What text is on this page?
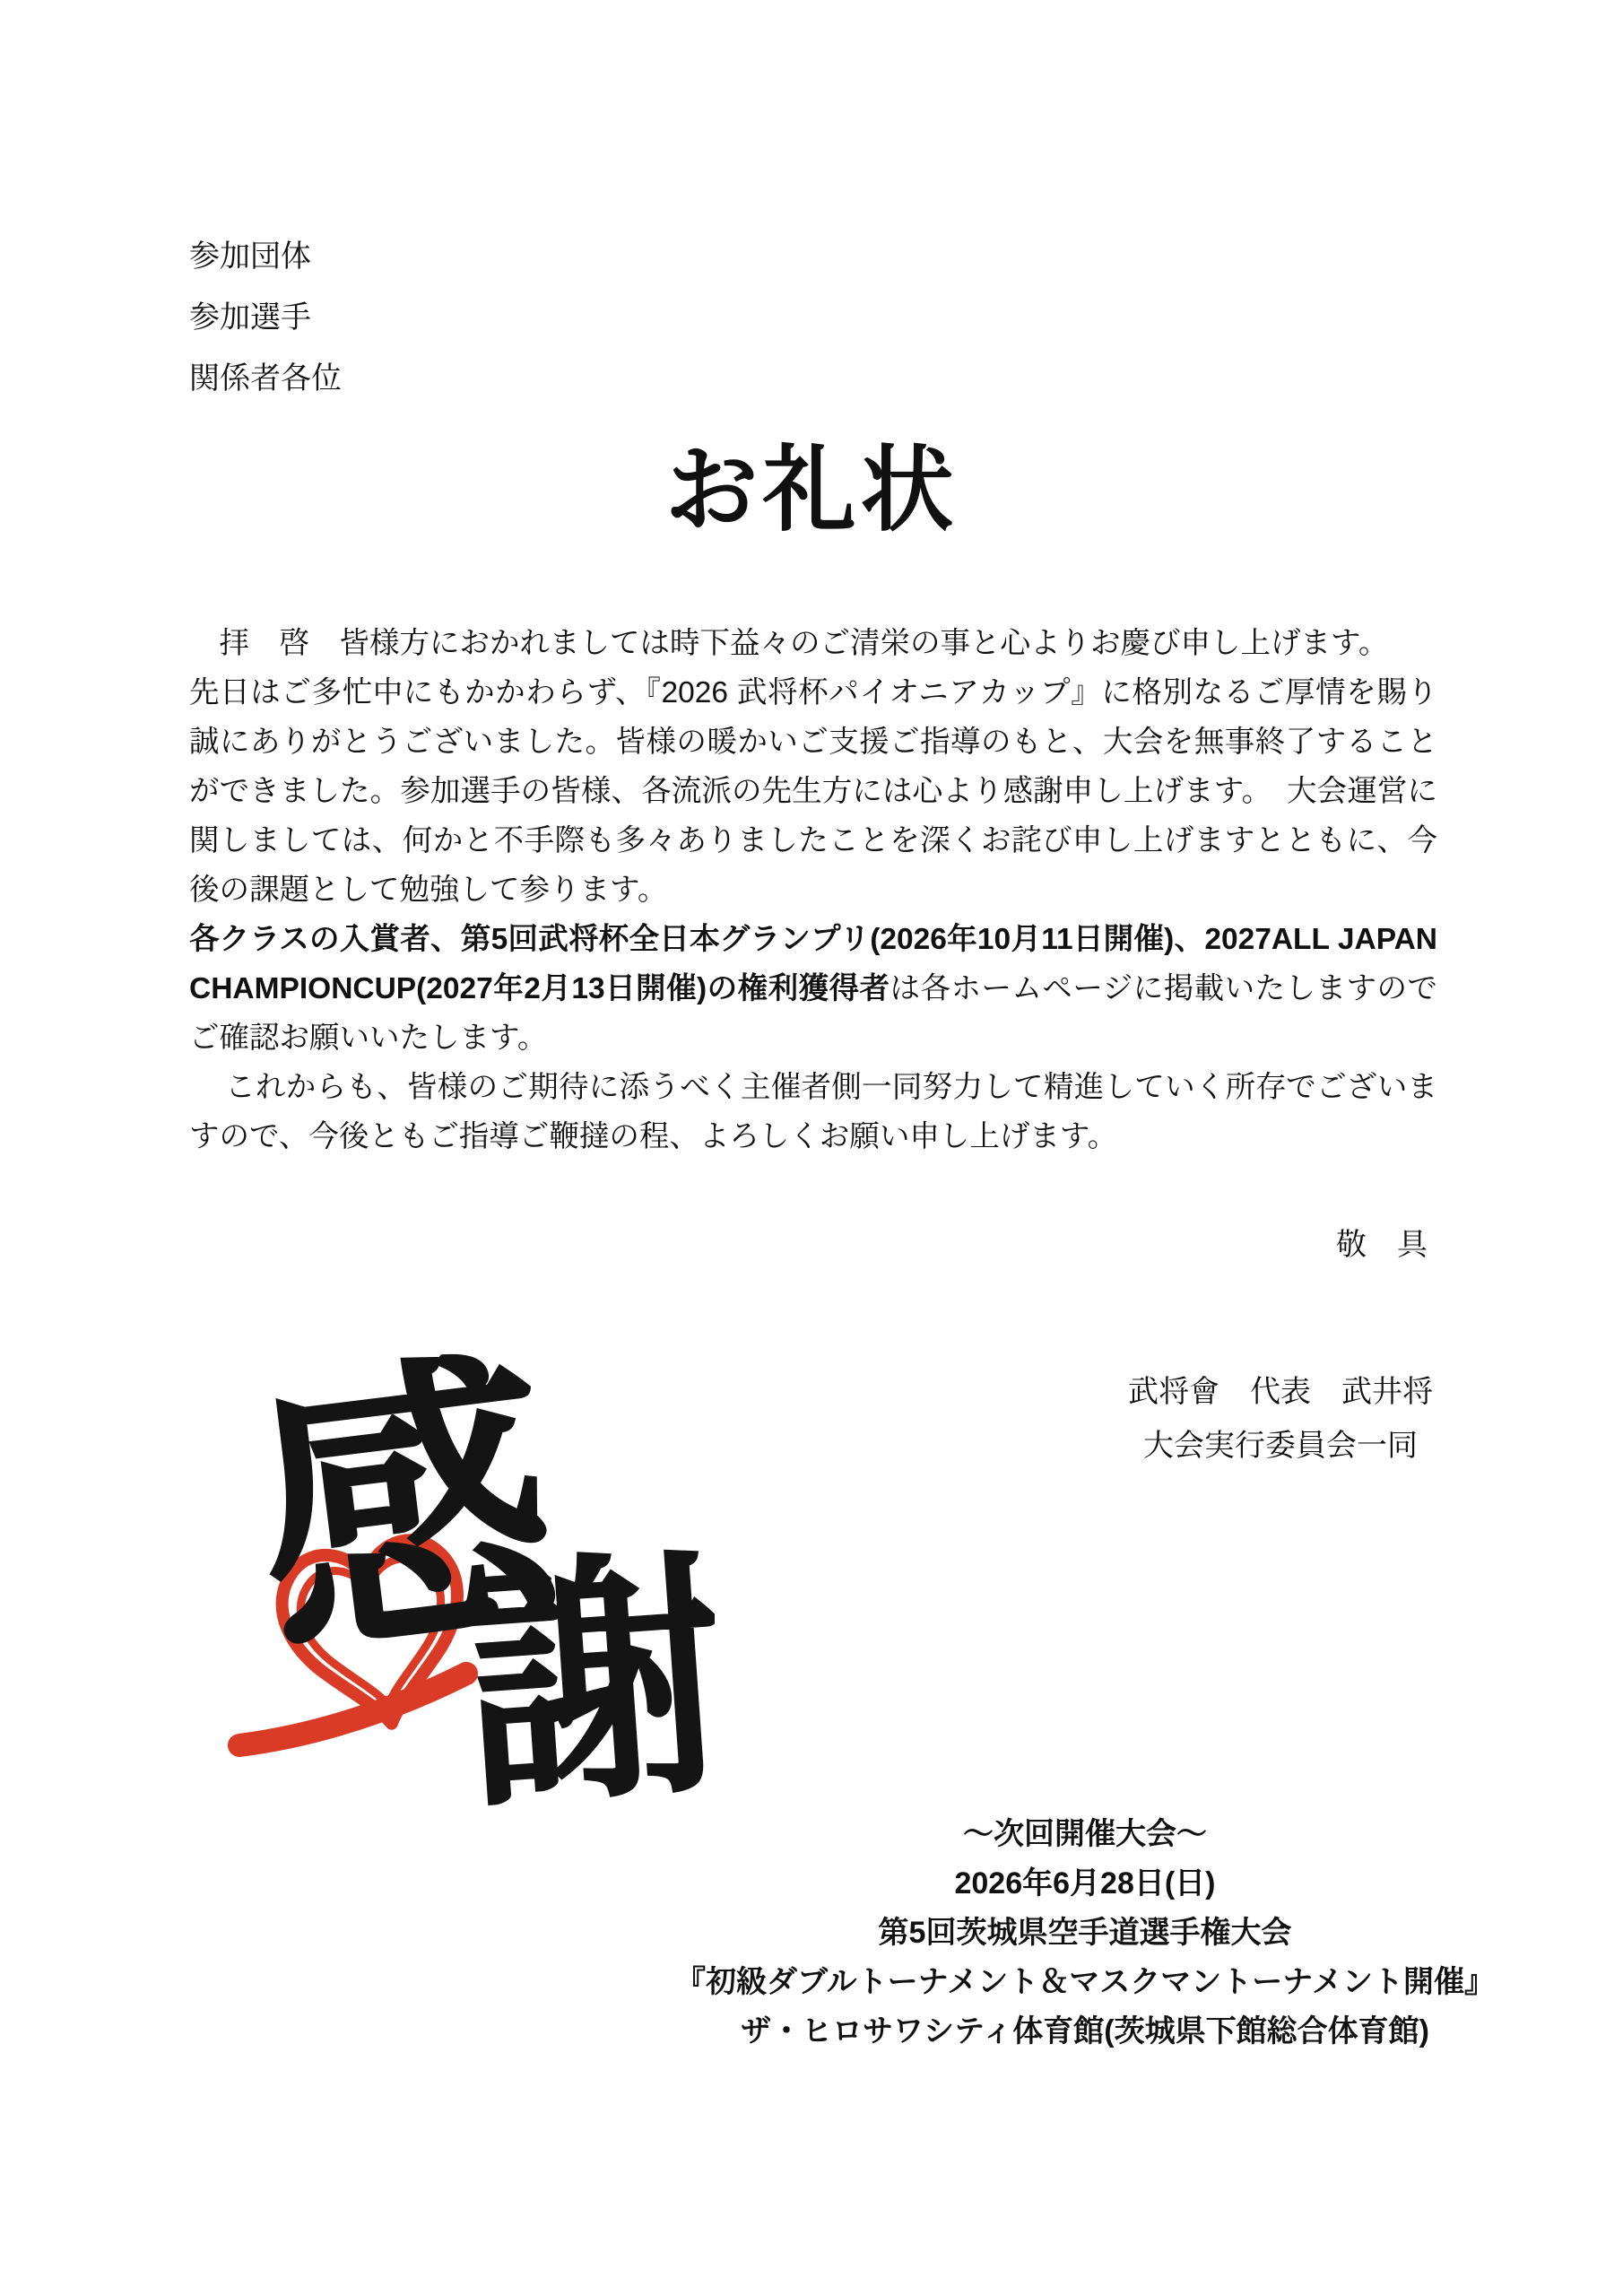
参加団体
参加選手
関係者各位
お礼状

拝　啓　皆様方におかれましては時下益々のご清栄の事と心よりお慶び申し上げます。

先日はご多忙中にもかかわらず、『2026 武将杯パイオニアカップ』に格別なるご厚情を賜り誠にありがとうございました。皆様の暖かいご支援ご指導のもと、大会を無事終了することができました。参加選手の皆様、各流派の先生方には心より感謝申し上げます。　大会運営に関しましては、何かと不手際も多々ありましたことを深くお詫び申し上げますとともに、今後の課題として勉強して参ります。

各クラスの入賞者、第5回武将杯全日本グランプリ(2026年10月11日開催)、2027ALL JAPAN CHAMPIONCUP(2027年2月13日開催)の権利獲得者は各ホームページに掲載いたしますのでご確認お願いいたします。

これからも、皆様のご期待に添うべく主催者側一同努力して精進していく所存でございますので、今後ともご指導ご鞭撻の程、よろしくお願い申し上げます。

敬　具
武将會　代表　武井将
大会実行委員会一同
感
謝	～次回開催大会～

2026年6月28日(日)

第5回茨城県空手道選手権大会

『初級ダブルトーナメント＆マスクマントーナメント開催』

ザ・ヒロサワシティ体育館(茨城県下館総合体育館)
